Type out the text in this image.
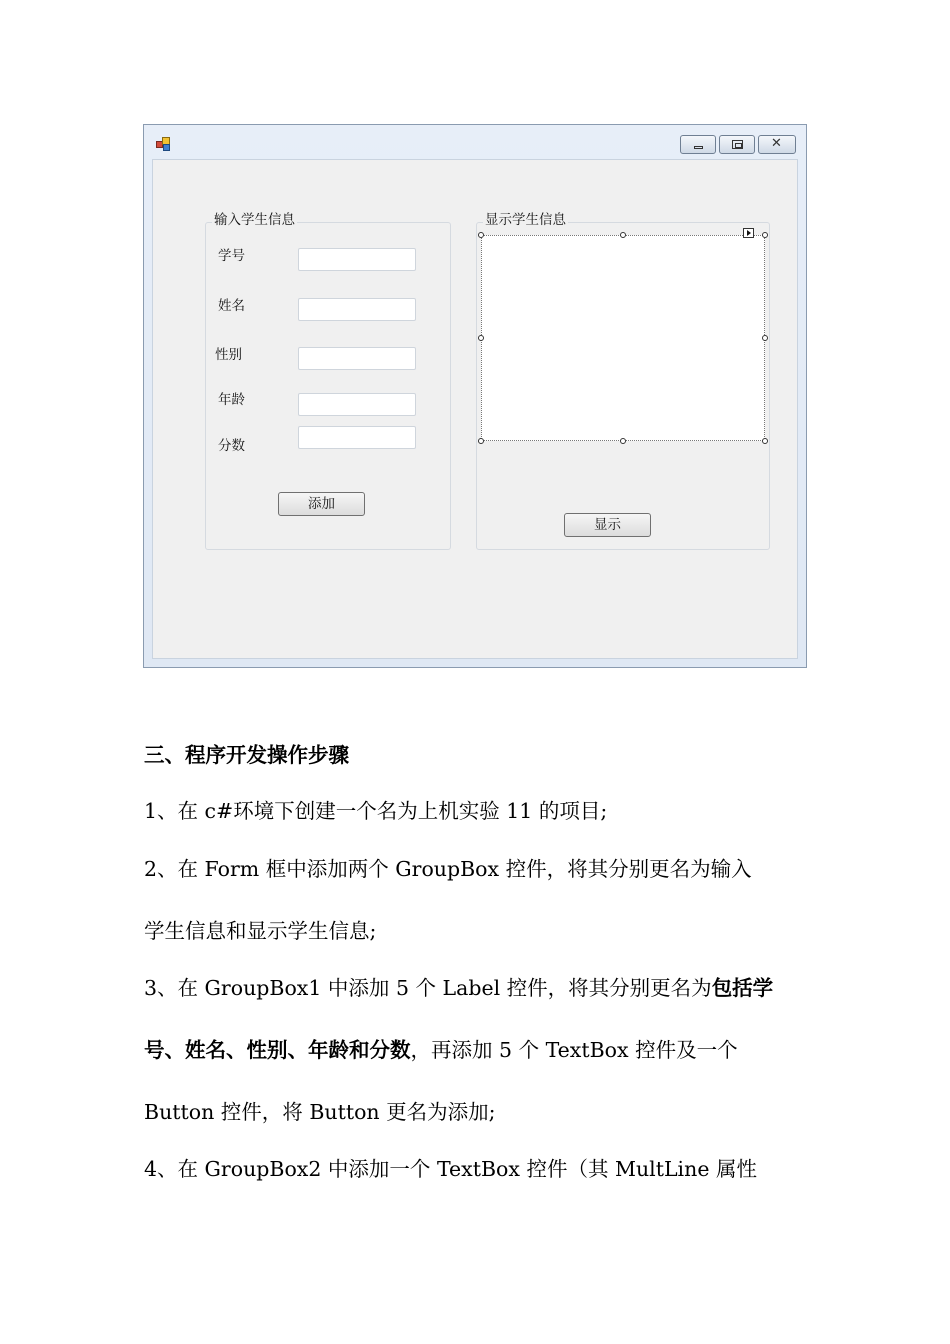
✕
输入学生信息
学号
姓名
性别
年龄
分数
添加
显示学生信息
显示
三、程序开发操作步骤
1、在 c#环境下创建一个名为上机实验 11 的项目;
2、在 Form 框中添加两个 GroupBox 控件，将其分别更名为输入
学生信息和显示学生信息;
3、在 GroupBox1 中添加 5 个 Label 控件，将其分别更名为包括学
号、姓名、性别、年龄和分数，再添加 5 个 TextBox 控件及一个
Button 控件，将 Button 更名为添加;
4、在 GroupBox2 中添加一个 TextBox 控件（其 MultLine 属性
